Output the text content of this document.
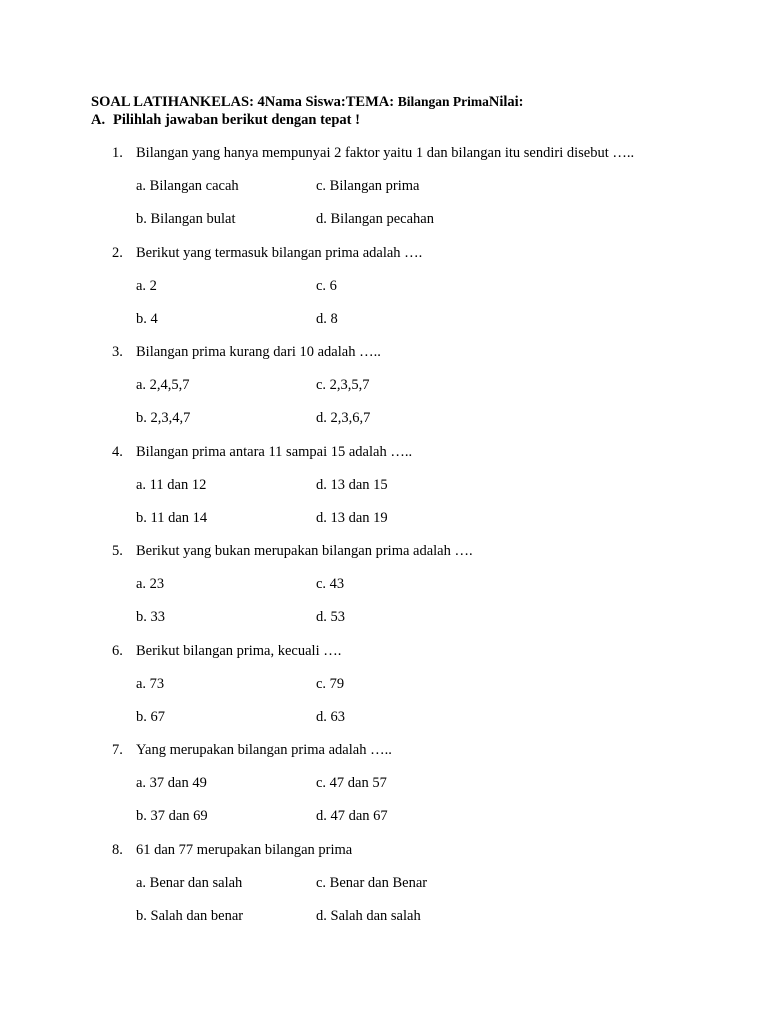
SOAL LATIHANKELAS: 4Nama Siswa:TEMA: Bilangan PrimaNilai:
A. Pilihlah jawaban berikut dengan tepat !
1. Bilangan yang hanya mempunyai 2 faktor yaitu 1 dan bilangan itu sendiri disebut …..
a. Bilangan cacah	c. Bilangan prima
b. Bilangan bulat	d. Bilangan pecahan
2. Berikut yang termasuk bilangan prima adalah ….
a. 2	c. 6
b. 4	d. 8
3. Bilangan prima kurang dari 10 adalah …..
a. 2,4,5,7	c. 2,3,5,7
b. 2,3,4,7	d. 2,3,6,7
4. Bilangan prima antara 11 sampai 15 adalah …..
a. 11 dan 12	d. 13 dan 15
b. 11 dan 14	d. 13 dan 19
5. Berikut yang bukan merupakan bilangan prima adalah ….
a. 23	c. 43
b. 33	d. 53
6. Berikut bilangan prima, kecuali ….
a. 73	c. 79
b. 67	d. 63
7. Yang merupakan bilangan prima adalah …..
a. 37 dan 49	c. 47 dan 57
b. 37 dan 69	d. 47 dan 67
8. 61 dan 77 merupakan bilangan prima
a. Benar dan salah	c. Benar dan Benar
b. Salah dan benar	d. Salah dan salah
